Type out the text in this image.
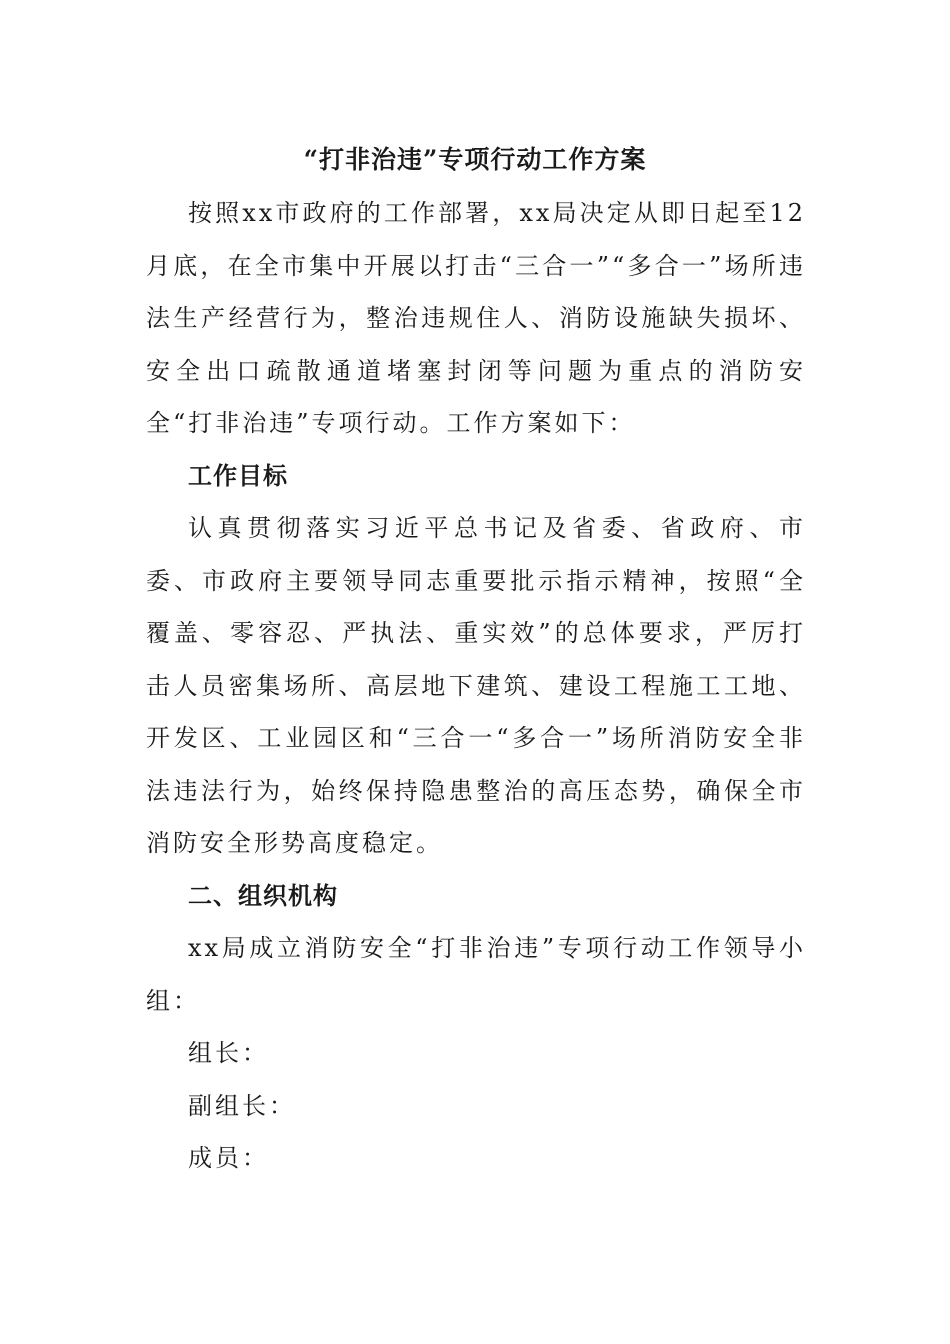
“打非治违”专项行动工作方案

按照xx市政府的工作部署，xx局决定从即日起至12月底，在全市集中开展以打击“三合一”“多合一”场所违法生产经营行为，整治违规住人、消防设施缺失损坏、安全出口疏散通道堵塞封闭等问题为重点的消防安全“打非治违”专项行动。工作方案如下：

工作目标

认真贯彻落实习近平总书记及省委、省政府、市委、市政府主要领导同志重要批示指示精神，按照“全覆盖、零容忍、严执法、重实效”的总体要求，严厉打击人员密集场所、高层地下建筑、建设工程施工工地、开发区、工业园区和“三合一“多合一”场所消防安全非法违法行为，始终保持隐患整治的高压态势，确保全市消防安全形势高度稳定。

二、组织机构

xx局成立消防安全“打非治违”专项行动工作领导小组：

组长：

副组长：

成员：
